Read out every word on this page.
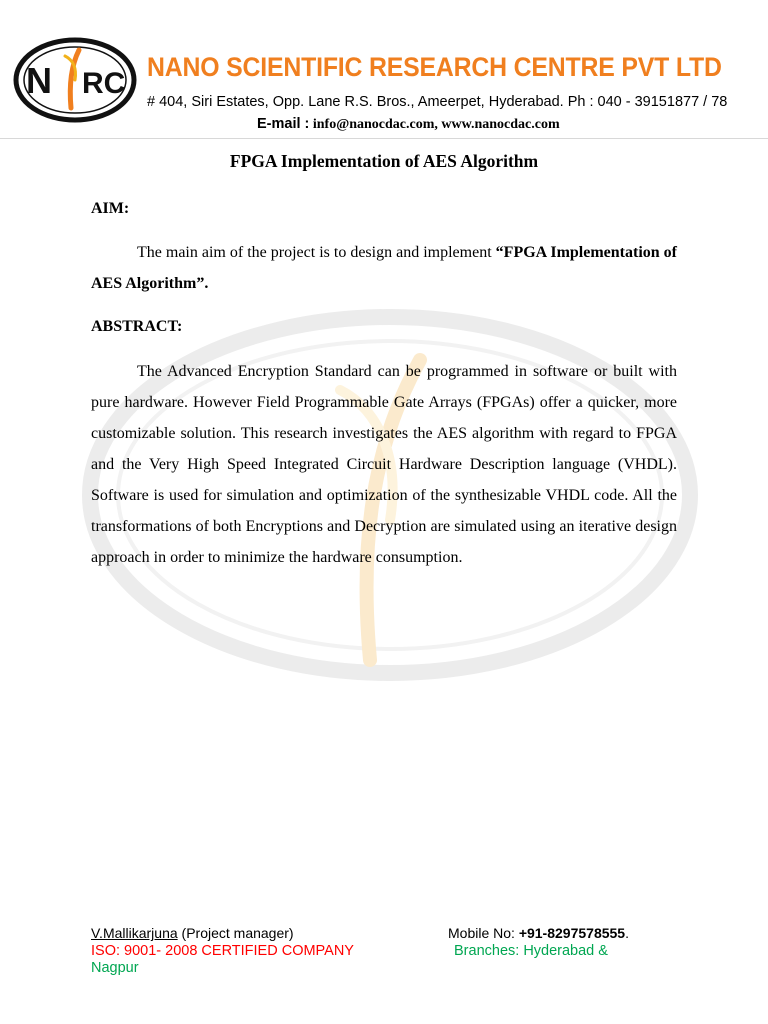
N RC NANO SCIENTIFIC RESEARCH CENTRE PVT LTD
# 404, Siri Estates, Opp. Lane R.S. Bros., Ameerpet, Hyderabad. Ph : 040 - 39151877 / 78
E-mail : info@nanocdac.com, www.nanocdac.com
FPGA Implementation of AES Algorithm
AIM:
The main aim of the project is to design and implement “FPGA Implementation of AES Algorithm”.
ABSTRACT:
The Advanced Encryption Standard can be programmed in software or built with pure hardware. However Field Programmable Gate Arrays (FPGAs) offer a quicker, more customizable solution. This research investigates the AES algorithm with regard to FPGA and the Very High Speed Integrated Circuit Hardware Description language (VHDL). Software is used for simulation and optimization of the synthesizable VHDL code. All the transformations of both Encryptions and Decryption are simulated using an iterative design approach in order to minimize the hardware consumption.
V.Mallikarjuna (Project manager)	Mobile No: +91-8297578555.
ISO: 9001- 2008 CERTIFIED COMPANY	Branches: Hyderabad &
Nagpur
